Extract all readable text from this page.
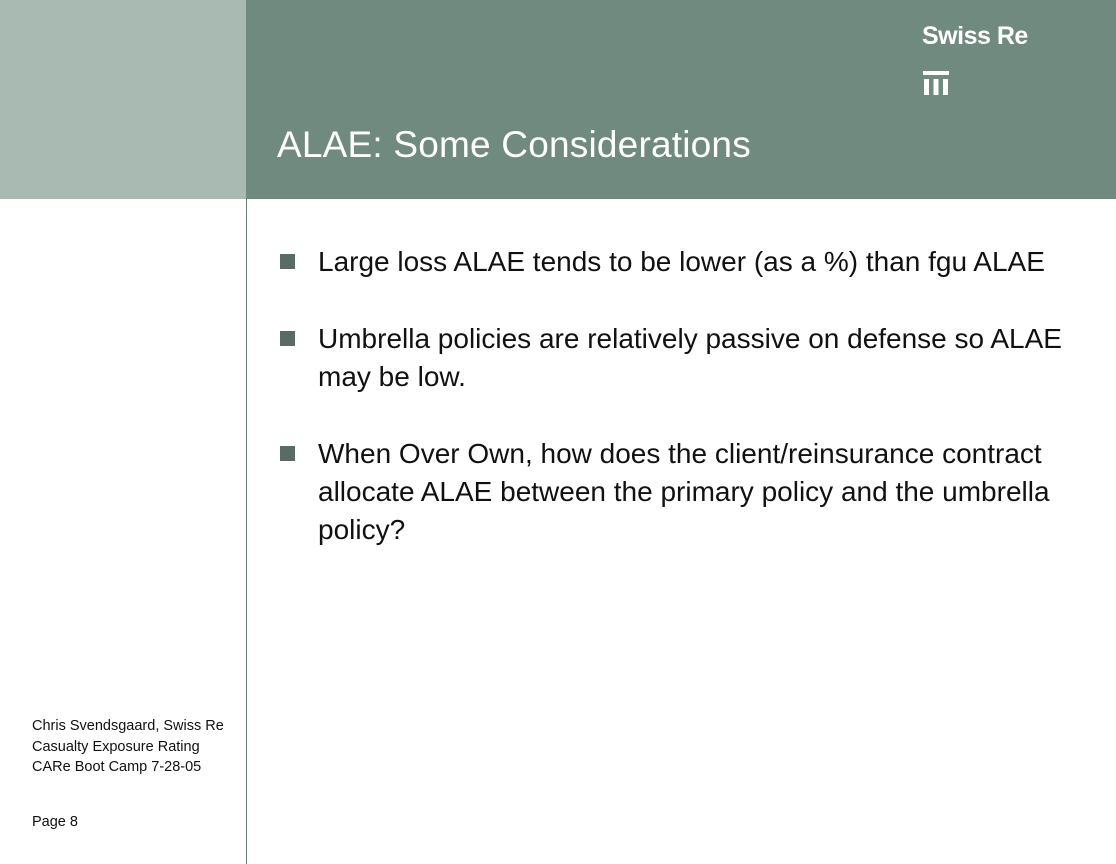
Swiss Re
ALAE: Some Considerations
Large loss ALAE tends to be lower (as a %) than fgu ALAE
Umbrella policies are relatively passive on defense so ALAE may be low.
When Over Own, how does the client/reinsurance contract allocate ALAE between the primary policy and the umbrella policy?
Chris Svendsgaard, Swiss Re
Casualty Exposure Rating
CARe Boot Camp 7-28-05
Page 8
